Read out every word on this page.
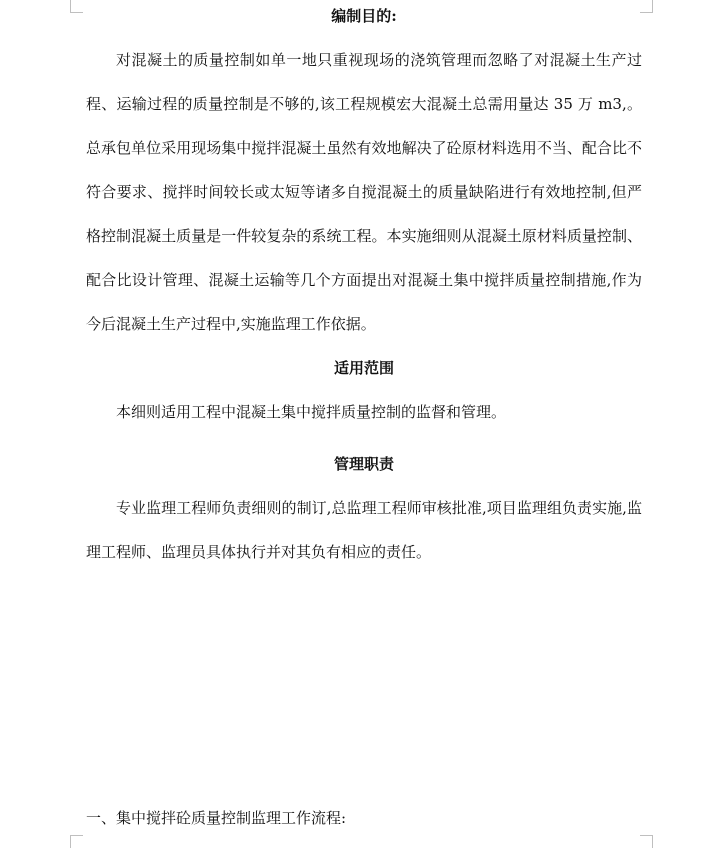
编制目的:

对混凝土的质量控制如单一地只重视现场的浇筑管理而忽略了对混凝土生产过程、运输过程的质量控制是不够的,该工程规模宏大混凝土总需用量达 35 万 m3,。总承包单位采用现场集中搅拌混凝土虽然有效地解决了砼原材料选用不当、配合比不符合要求、搅拌时间较长或太短等诸多自搅混凝土的质量缺陷进行有效地控制,但严格控制混凝土质量是一件较复杂的系统工程。本实施细则从混凝土原材料质量控制、配合比设计管理、混凝土运输等几个方面提出对混凝土集中搅拌质量控制措施,作为今后混凝土生产过程中,实施监理工作依据。

适用范围

本细则适用工程中混凝土集中搅拌质量控制的监督和管理。

管理职责

专业监理工程师负责细则的制订,总监理工程师审核批准,项目监理组负责实施,监理工程师、监理员具体执行并对其负有相应的责任。

一、集中搅拌砼质量控制监理工作流程:
